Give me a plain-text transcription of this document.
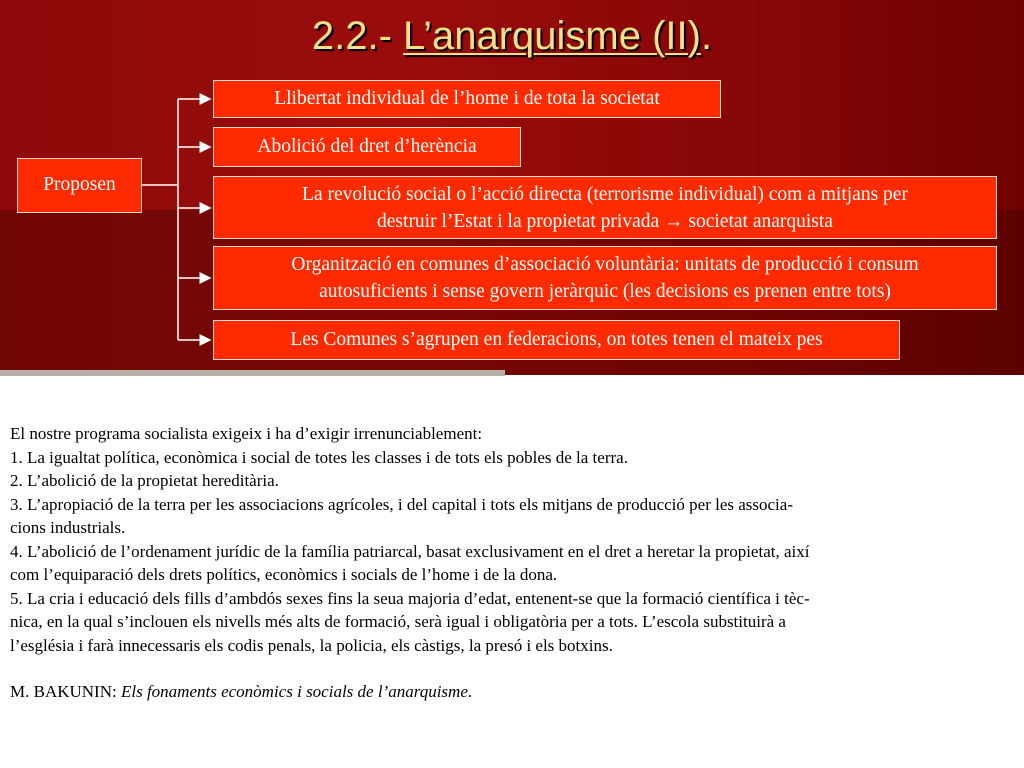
2.2.- L’anarquisme (II).
Proposen
Llibertat individual de l’home i de tota la societat
Abolició del dret d’herència
La revolució social o l’acció directa (terrorisme individual) com a mitjans per
destruir l’Estat i la propietat privada → societat anarquista
Organització en comunes d’associació voluntària: unitats de producció i consum
autosuficients i sense govern jeràrquic (les decisions es prenen entre tots)
Les Comunes s’agrupen en federacions, on totes tenen el mateix pes

El nostre programa socialista exigeix i ha d’exigir irrenunciablement:

1. La igualtat política, econòmica i social de totes les classes i de tots els pobles de la terra.

2. L’abolició de la propietat hereditària.

3. L’apropiació de la terra per les associacions agrícoles, i del capital i tots els mitjans de producció per les associa-

cions industrials.

4. L’abolició de l’ordenament jurídic de la família patriarcal, basat exclusivament en el dret a heretar la propietat, així

com l’equiparació dels drets polítics, econòmics i socials de l’home i de la dona.

5. La cria i educació dels fills d’ambdós sexes fins la seua majoria d’edat, entenent-se que la formació científica i tèc-

nica, en la qual s’inclouen els nivells més alts de formació, serà igual i obligatòria per a tots. L’escola substituirà a

l’església i farà innecessaris els codis penals, la policia, els càstigs, la presó i els botxins.

M. BAKUNIN: Els fonaments econòmics i socials de l’anarquisme.
